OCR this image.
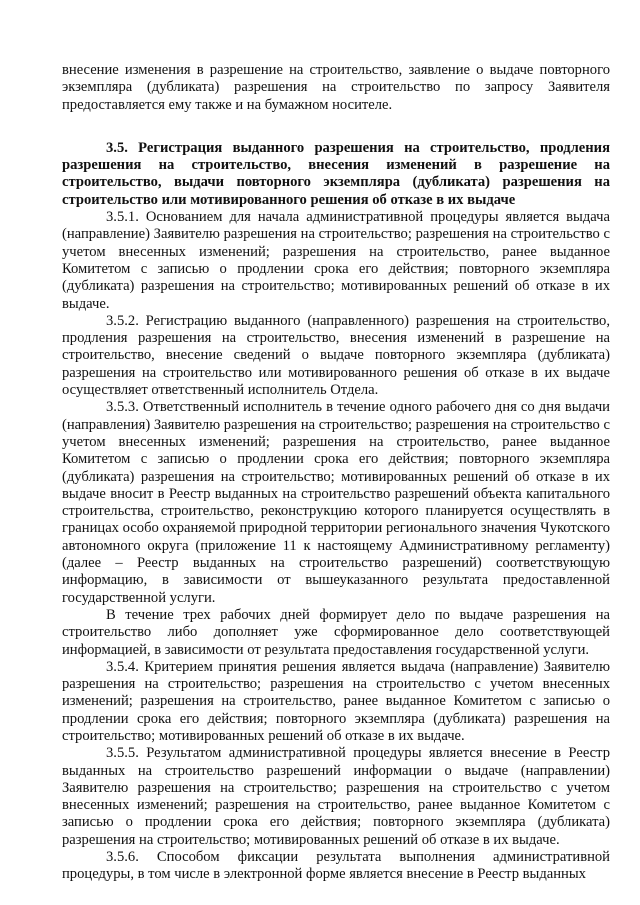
внесение изменения в разрешение на строительство, заявление о выдаче повторного экземпляра (дубликата) разрешения на строительство по запросу Заявителя предоставляется ему также и на бумажном носителе.

3.5. Регистрация выданного разрешения на строительство, продления разрешения на строительство, внесения изменений в разрешение на строительство, выдачи повторного экземпляра (дубликата) разрешения на строительство или мотивированного решения об отказе в их выдаче

3.5.1. Основанием для начала административной процедуры является выдача (направление) Заявителю разрешения на строительство; разрешения на строительство с учетом внесенных изменений; разрешения на строительство, ранее выданное Комитетом с записью о продлении срока его действия; повторного экземпляра (дубликата) разрешения на строительство; мотивированных решений об отказе в их выдаче.

3.5.2. Регистрацию выданного (направленного) разрешения на строительство, продления разрешения на строительство, внесения изменений в разрешение на строительство, внесение сведений о выдаче повторного экземпляра (дубликата) разрешения на строительство или мотивированного решения об отказе в их выдаче осуществляет ответственный исполнитель Отдела.

3.5.3. Ответственный исполнитель в течение одного рабочего дня со дня выдачи (направления) Заявителю разрешения на строительство; разрешения на строительство с учетом внесенных изменений; разрешения на строительство, ранее выданное Комитетом с записью о продлении срока его действия; повторного экземпляра (дубликата) разрешения на строительство; мотивированных решений об отказе в их выдаче вносит в Реестр выданных на строительство разрешений объекта капитального строительства, строительство, реконструкцию которого планируется осуществлять в границах особо охраняемой природной территории регионального значения Чукотского автономного округа (приложение 11 к настоящему Административному регламенту) (далее – Реестр выданных на строительство разрешений) соответствующую информацию, в зависимости от вышеуказанного результата предоставленной государственной услуги.

В течение трех рабочих дней формирует дело по выдаче разрешения на строительство либо дополняет уже сформированное дело соответствующей информацией, в зависимости от результата предоставления государственной услуги.

3.5.4. Критерием принятия решения является выдача (направление) Заявителю разрешения на строительство; разрешения на строительство с учетом внесенных изменений; разрешения на строительство, ранее выданное Комитетом с записью о продлении срока его действия; повторного экземпляра (дубликата) разрешения на строительство; мотивированных решений об отказе в их выдаче.

3.5.5. Результатом административной процедуры является внесение в Реестр выданных на строительство разрешений информации о выдаче (направлении) Заявителю разрешения на строительство; разрешения на строительство с учетом внесенных изменений; разрешения на строительство, ранее выданное Комитетом с записью о продлении срока его действия; повторного экземпляра (дубликата) разрешения на строительство; мотивированных решений об отказе в их выдаче.

3.5.6. Способом фиксации результата выполнения административной процедуры, в том числе в электронной форме является внесение в Реестр выданных
